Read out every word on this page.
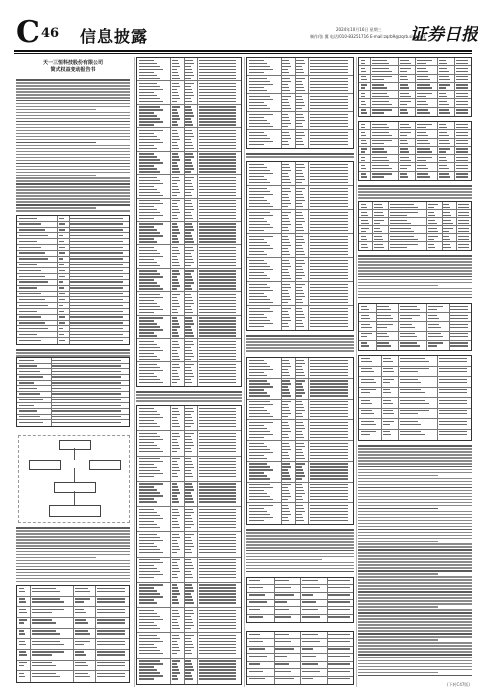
C 46 信息披露	2024年10月16日 星期三
制作/张 翼 电话/010-83251716 E-mail:zqrb9@zqrb.sina.net
证券日报
天一三恒科技股份有限公司
简式权益变动报告书
(下转C47版)
